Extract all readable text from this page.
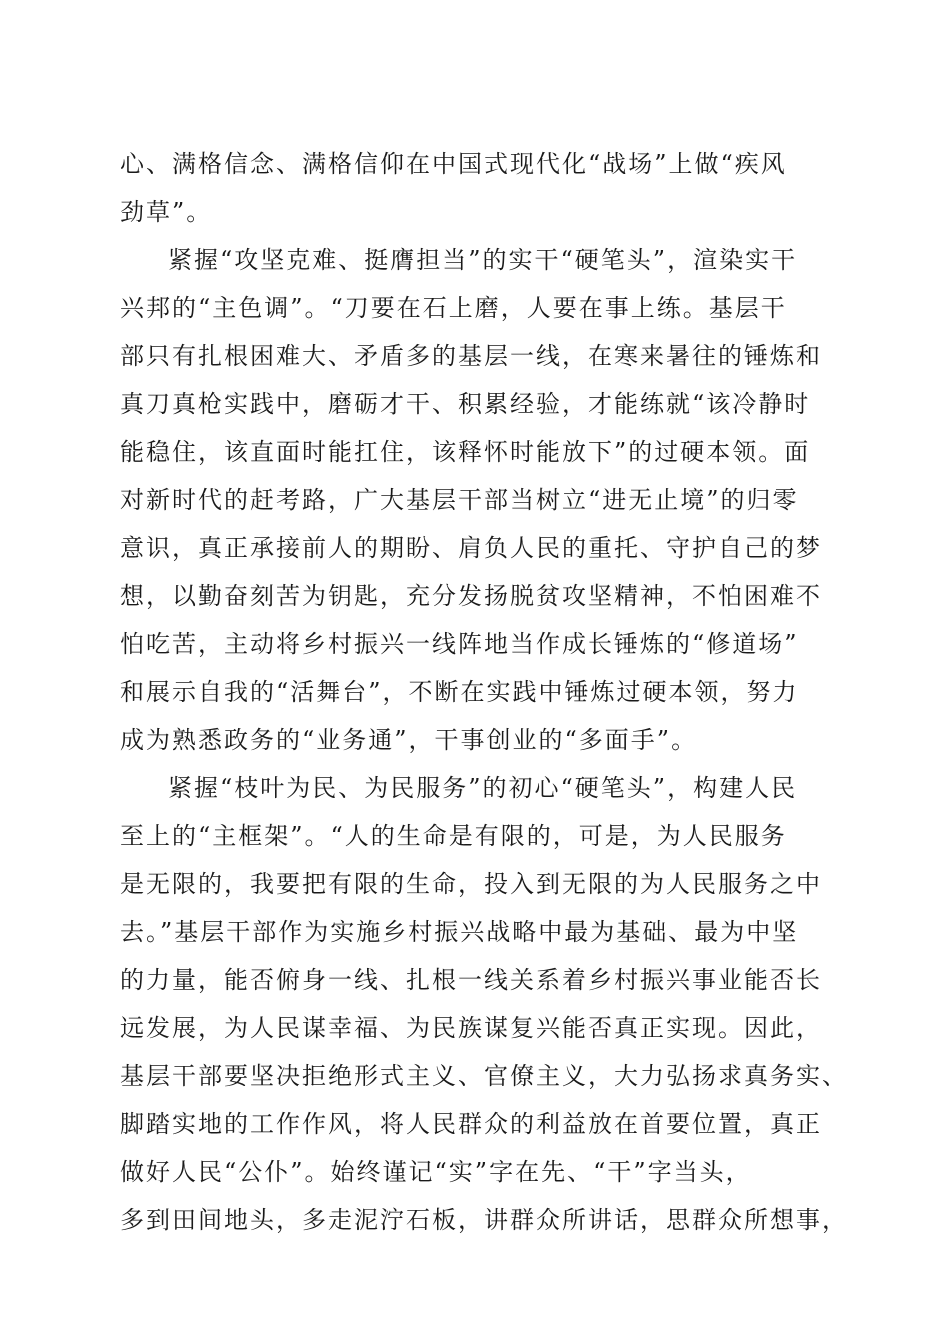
心、满格信念、满格信仰在中国式现代化“战场”上做“疾风
劲草”。
紧握“攻坚克难、挺膺担当”的实干“硬笔头”，渲染实干
兴邦的“主色调”。“刀要在石上磨，人要在事上练。基层干
部只有扎根困难大、矛盾多的基层一线，在寒来暑往的锤炼和
真刀真枪实践中，磨砺才干、积累经验，才能练就“该冷静时
能稳住，该直面时能扛住，该释怀时能放下”的过硬本领。面
对新时代的赶考路，广大基层干部当树立“进无止境”的归零
意识，真正承接前人的期盼、肩负人民的重托、守护自己的梦
想，以勤奋刻苦为钥匙，充分发扬脱贫攻坚精神，不怕困难不
怕吃苦，主动将乡村振兴一线阵地当作成长锤炼的“修道场”
和展示自我的“活舞台”，不断在实践中锤炼过硬本领，努力
成为熟悉政务的“业务通”，干事创业的“多面手”。
紧握“枝叶为民、为民服务”的初心“硬笔头”，构建人民
至上的“主框架”。“人的生命是有限的，可是，为人民服务
是无限的，我要把有限的生命，投入到无限的为人民服务之中
去。”基层干部作为实施乡村振兴战略中最为基础、最为中坚
的力量，能否俯身一线、扎根一线关系着乡村振兴事业能否长
远发展，为人民谋幸福、为民族谋复兴能否真正实现。因此，
基层干部要坚决拒绝形式主义、官僚主义，大力弘扬求真务实、
脚踏实地的工作作风，将人民群众的利益放在首要位置，真正
做好人民“公仆”。始终谨记“实”字在先、“干”字当头，
多到田间地头，多走泥泞石板，讲群众所讲话，思群众所想事，
